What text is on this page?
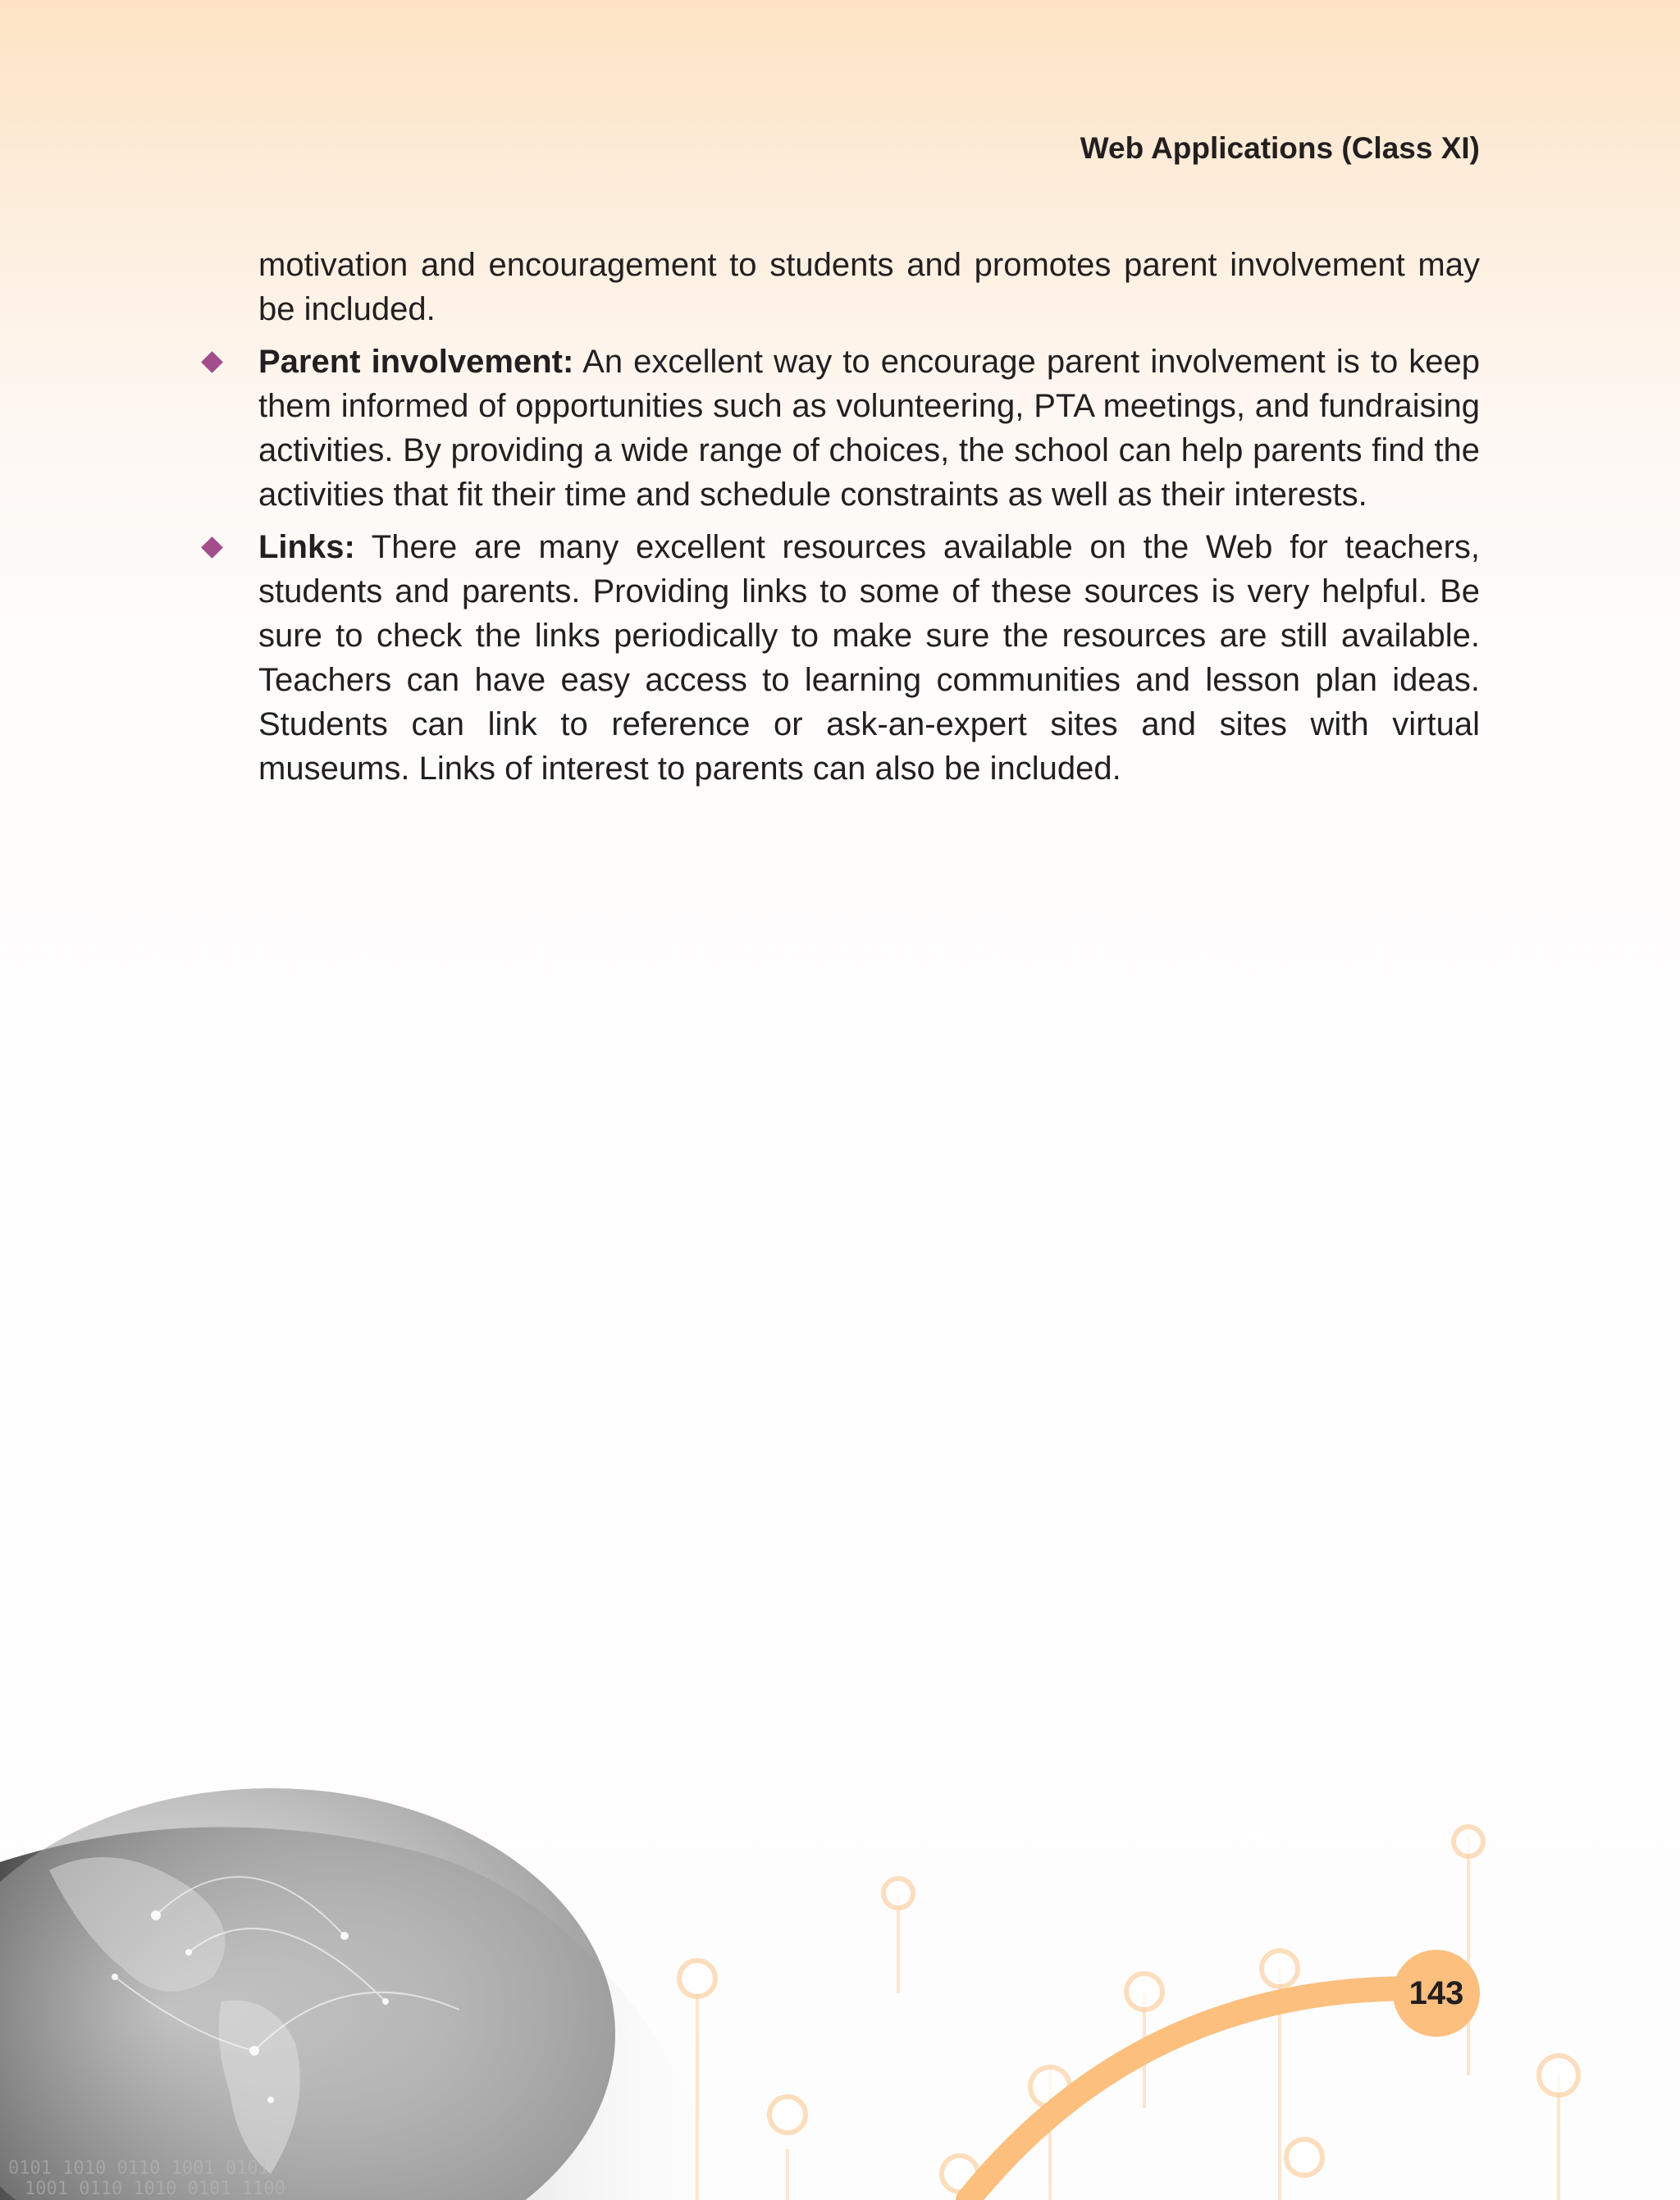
Web Applications (Class XI)

motivation and encouragement to students and promotes parent involvement may be included.

Parent involvement: An excellent way to encourage parent involvement is to keep them informed of opportunities such as volunteering, PTA meetings, and fundraising activities. By providing a wide range of choices, the school can help parents find the activities that fit their time and schedule constraints as well as their interests.
Links: There are many excellent resources available on the Web for teachers, students and parents. Providing links to some of these sources is very helpful. Be sure to check the links periodically to make sure the resources are still available. Teachers can have easy access to learning communities and lesson plan ideas. Students can link to reference or ask-an-expert sites and sites with virtual museums. Links of interest to parents can also be included.
0101 1010 0110 1001 0101
1001 0110 1010 0101 1100
143
